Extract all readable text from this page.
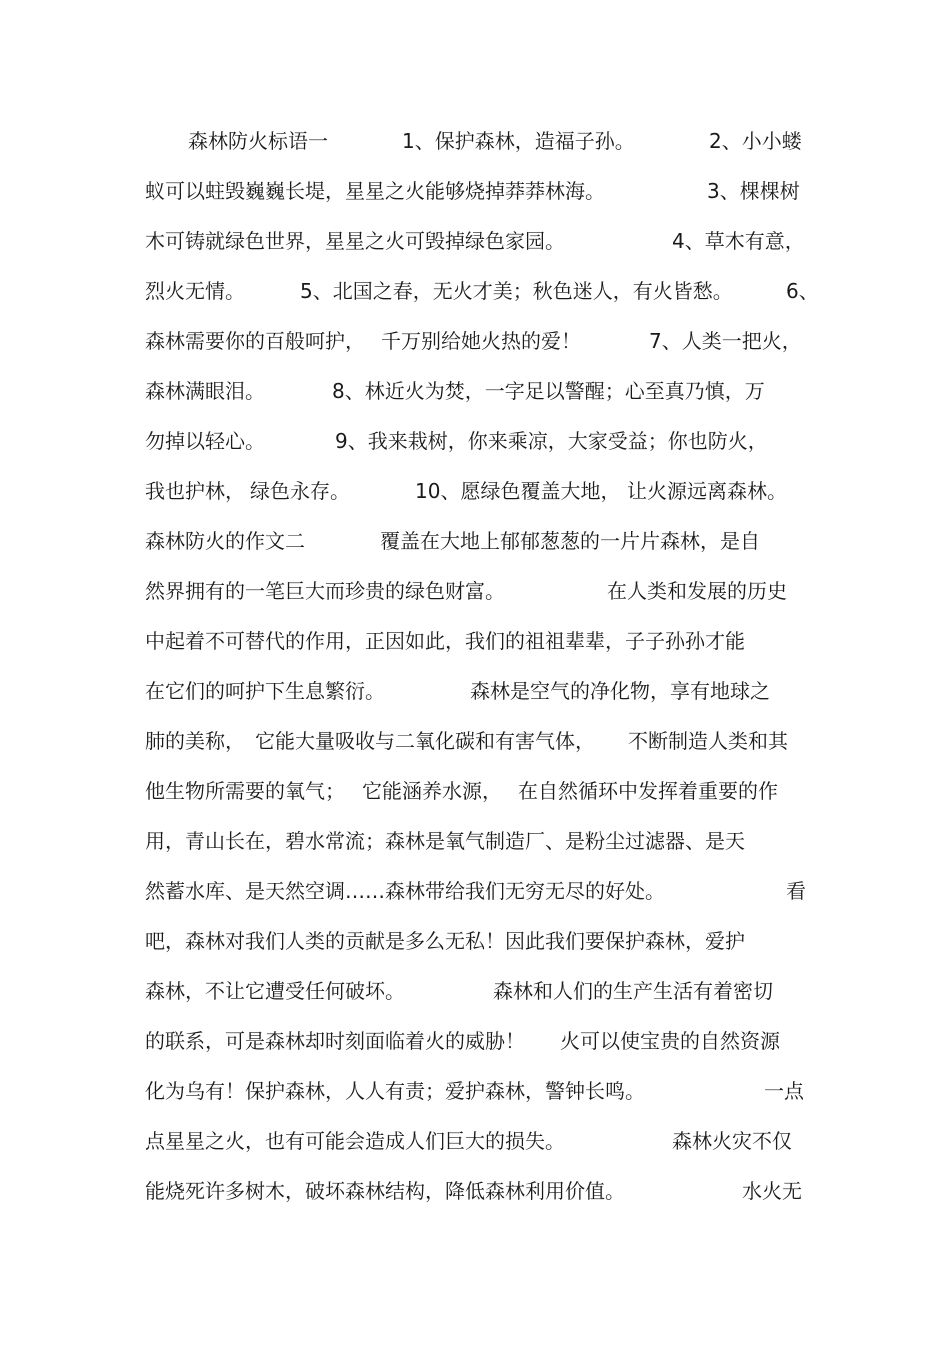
森林防火标语一	1、保护森林，造福子孙。	2、小小蝼
蚁可以蛀毁巍巍长堤，星星之火能够烧掉莽莽林海。	3、棵棵树
木可铸就绿色世界，星星之火可毁掉绿色家园。	4、草木有意，
烈火无情。	5、北国之春，无火才美；秋色迷人，有火皆愁。	6、
森林需要你的百般呵护， 千万别给她火热的爱！	7、人类一把火，
森林满眼泪。	8、林近火为焚，一字足以警醒；心至真乃慎，万
勿掉以轻心。	9、我来栽树，你来乘凉，大家受益；你也防火，
我也护林， 绿色永存。	10、愿绿色覆盖大地， 让火源远离森林。
森林防火的作文二	覆盖在大地上郁郁葱葱的一片片森林，是自
然界拥有的一笔巨大而珍贵的绿色财富。	在人类和发展的历史
中起着不可替代的作用，正因如此，我们的祖祖辈辈，子子孙孙才能
在它们的呵护下生息繁衍。	森林是空气的净化物，享有地球之
肺的美称， 它能大量吸收与二氧化碳和有害气体， 不断制造人类和其
他生物所需要的氧气； 它能涵养水源， 在自然循环中发挥着重要的作
用，青山长在，碧水常流；森林是氧气制造厂、是粉尘过滤器、是天
然蓄水库、是天然空调……森林带给我们无穷无尽的好处。	看
吧，森林对我们人类的贡献是多么无私！因此我们要保护森林，爱护
森林，不让它遭受任何破坏。	森林和人们的生产生活有着密切
的联系，可是森林却时刻面临着火的威胁！ 火可以使宝贵的自然资源
化为乌有！保护森林，人人有责；爱护森林，警钟长鸣。	一点
点星星之火，也有可能会造成人们巨大的损失。	森林火灾不仅
能烧死许多树木，破坏森林结构，降低森林利用价值。	水火无
